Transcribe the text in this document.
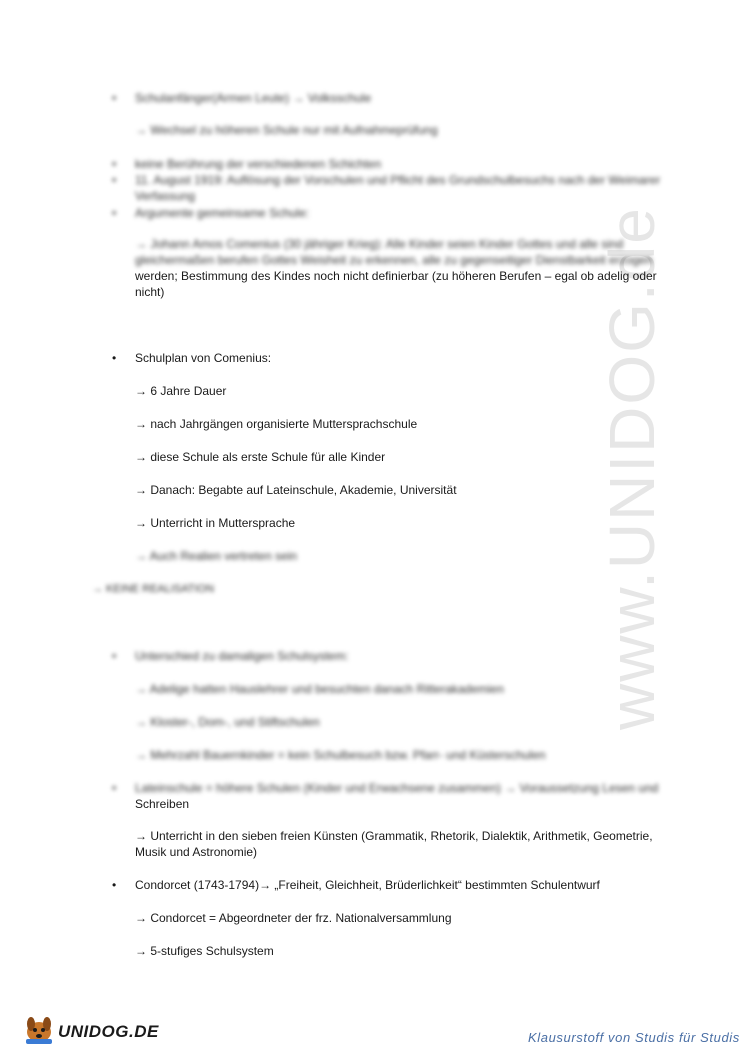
www.UNIDOG.de
• Schulanfänger(Armen Leute) → Volksschule
→ Wechsel zu höheren Schule nur mit Aufnahmeprüfung
• keine Berührung der verschiedenen Schichten
• 11. August 1919: Auflösung der Vorschulen und Pflicht des Grundschulbesuchs nach der Weimarer
Verfassung
• Argumente gemeinsame Schule:
→ Johann Amos Comenius (30 jähriger Krieg): Alle Kinder seien Kinder Gottes und alle sind
gleichermaßen berufen Gottes Weisheit zu erkennen, alle zu gegenseitiger Dienstbarkeit erzogen
werden; Bestimmung des Kindes noch nicht definierbar (zu höheren Berufen – egal ob adelig oder
nicht)
• Schulplan von Comenius:
→ 6 Jahre Dauer
→ nach Jahrgängen organisierte Muttersprachschule
→ diese Schule als erste Schule für alle Kinder
→ Danach: Begabte auf Lateinschule, Akademie, Universität
→ Unterricht in Muttersprache
→ Auch Realien vertreten sein
→ KEINE REALISATION
• Unterschied zu damaligen Schulsystem:
→ Adelige hatten Hauslehrer und besuchten danach Ritterakademien
→ Kloster-, Dom-, und Stiftschulen
→ Mehrzahl Bauernkinder = kein Schulbesuch bzw. Pfarr- und Küsterschulen
• Lateinschule = höhere Schulen (Kinder und Erwachsene zusammen) → Voraussetzung Lesen und
Schreiben
→ Unterricht in den sieben freien Künsten (Grammatik, Rhetorik, Dialektik, Arithmetik, Geometrie,
Musik und Astronomie)
• Condorcet (1743-1794)→ „Freiheit, Gleichheit, Brüderlichkeit“ bestimmten Schulentwurf
→ Condorcet = Abgeordneter der frz. Nationalversammlung
→ 5-stufiges Schulsystem
UNIDOG.DE	Klausurstoff von Studis für Studis
